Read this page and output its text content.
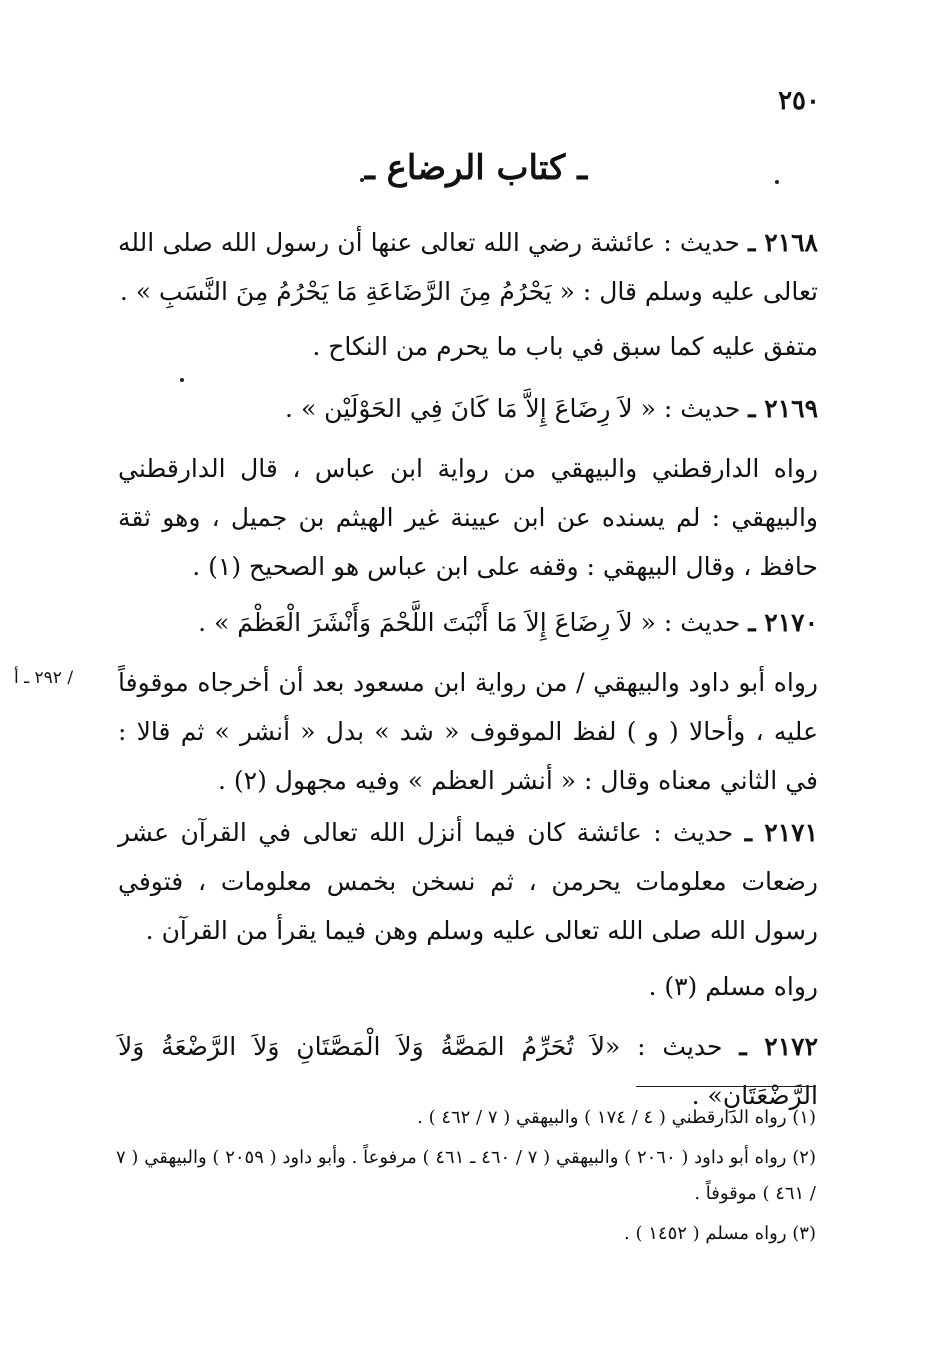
٢٥٠
ـ كتاب الرضاع ـ
٢١٦٨ ـ حديث : عائشة رضي الله تعالى عنها أن رسول الله صلى الله تعالى عليه وسلم قال : « يَحْرُمُ مِنَ الرَّضَاعَةِ مَا يَحْرُمُ مِنَ النَّسَبِ » .
متفق عليه كما سبق في باب ما يحرم من النكاح .
٢١٦٩ ـ حديث : « لاَ رِضَاعَ إِلاَّ مَا كَانَ فِي الحَوْلَيْن » .
رواه الدارقطني والبيهقي من رواية ابن عباس ، قال الدارقطني والبيهقي : لم يسنده عن ابن عيينة غير الهيثم بن جميل ، وهو ثقة حافظ ، وقال البيهقي : وقفه على ابن عباس هو الصحيح (١) .
٢١٧٠ ـ حديث : « لاَ رِضَاعَ إِلاَ مَا أَنْبَتَ اللَّحْمَ وَأَنْشَرَ الْعَظْمَ » .
رواه أبو داود والبيهقي / من رواية ابن مسعود بعد أن أخرجاه موقوفاً عليه ، وأحالا ( و ) لفظ الموقوف « شد » بدل « أنشر » ثم قالا : في الثاني معناه وقال : « أنشر العظم » وفيه مجهول (٢) .
/ ٢٩٢ ـ أ
٢١٧١ ـ حديث : عائشة كان فيما أنزل الله تعالى في القرآن عشر رضعات معلومات يحرمن ، ثم نسخن بخمس معلومات ، فتوفي رسول الله صلى الله تعالى عليه وسلم وهن فيما يقرأ من القرآن .
رواه مسلم (٣) .
٢١٧٢ ـ حديث : «لاَ تُحَرِّمُ المَصَّةُ وَلاَ الْمَصَّتَانِ وَلاَ الرَّضْعَةُ وَلاَ الرَّضْعَتَانِ» .
(١) رواه الدارقطني ( ٤ / ١٧٤ ) والبيهقي ( ٧ / ٤٦٢ ) .
(٢) رواه أبو داود ( ٢٠٦٠ ) والبيهقي ( ٧ / ٤٦٠ ـ ٤٦١ ) مرفوعاً . وأبو داود ( ٢٠٥٩ ) والبيهقي ( ٧ / ٤٦١ ) موقوفاً .
(٣) رواه مسلم ( ١٤٥٢ ) .
